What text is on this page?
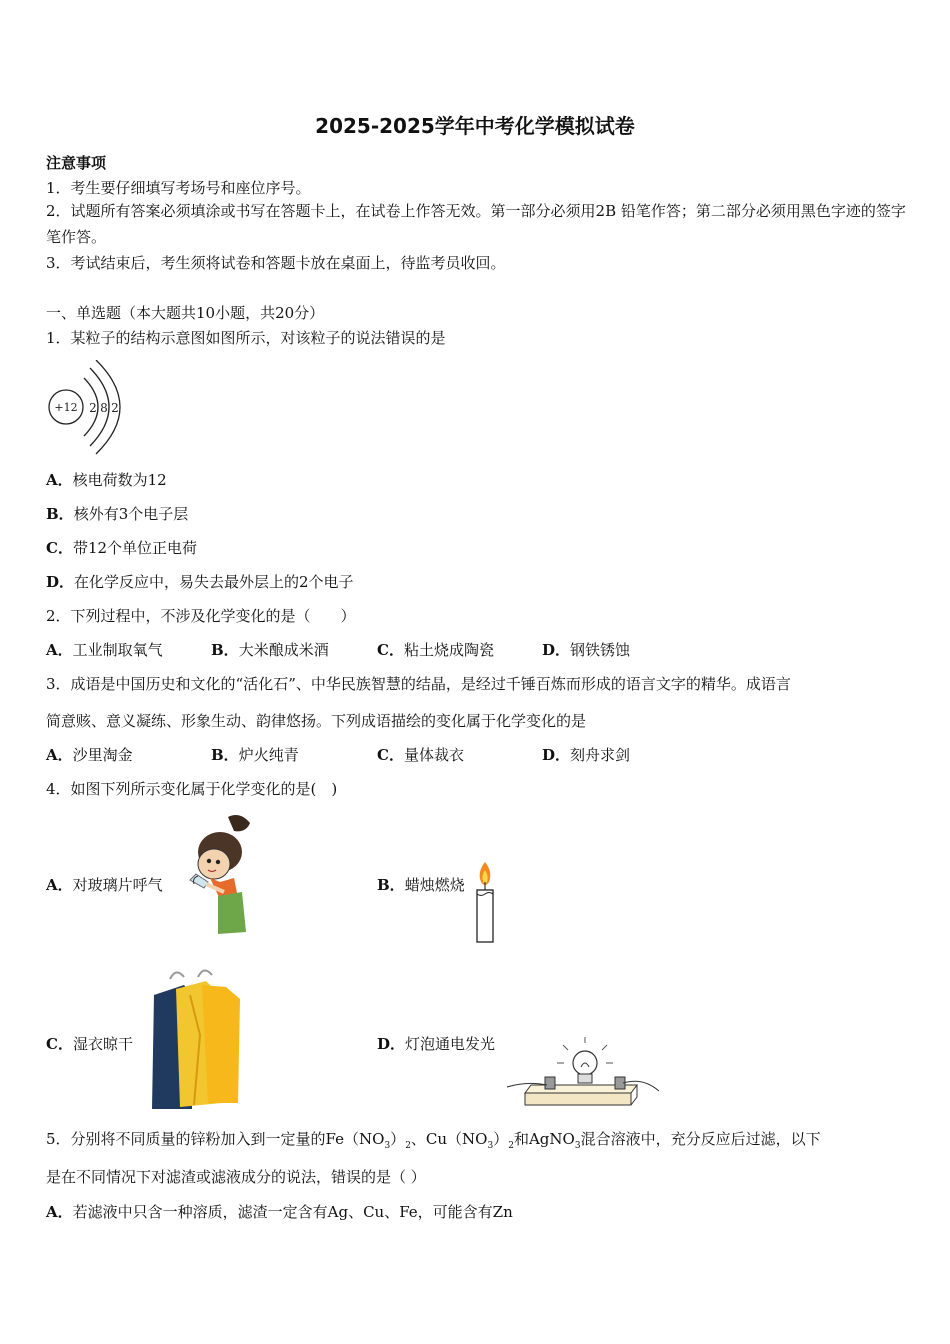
2025-2025学年中考化学模拟试卷
注意事项
1．考生要仔细填写考场号和座位序号。
2．试题所有答案必须填涂或书写在答题卡上，在试卷上作答无效。第一部分必须用2B 铅笔作答；第二部分必须用黑色字迹的签字笔作答。
3．考试结束后，考生须将试卷和答题卡放在桌面上，待监考员收回。
一、单选题（本大题共10小题，共20分）
1．某粒子的结构示意图如图所示，对该粒子的说法错误的是
+12 2 8 2
A．核电荷数为12
B．核外有3个电子层
C．带12个单位正电荷
D．在化学反应中，易失去最外层上的2个电子
2．下列过程中，不涉及化学变化的是（　　）
A．工业制取氧气	B．大米酿成米酒	C．粘土烧成陶瓷	D．钢铁锈蚀
3．成语是中国历史和文化的“活化石”、中华民族智慧的结晶，是经过千锤百炼而形成的语言文字的精华。成语言
简意赅、意义凝练、形象生动、韵律悠扬。下列成语描绘的变化属于化学变化的是
A．沙里淘金	B．炉火纯青	C．量体裁衣	D．刻舟求剑
4．如图下列所示变化属于化学变化的是(　)
A．对玻璃片呼气	B．蜡烛燃烧
C．湿衣晾干	D．灯泡通电发光
5．分别将不同质量的锌粉加入到一定量的$Fe(NO_3)_2$、$Cu(NO_3)_2$和AgNO$_3$混合溶液中，充分反应后过滤，以下
是在不同情况下对滤渣或滤液成分的说法，错误的是（ ）
A．若滤液中只含一种溶质，滤渣一定含有Ag、Cu、Fe，可能含有Zn
